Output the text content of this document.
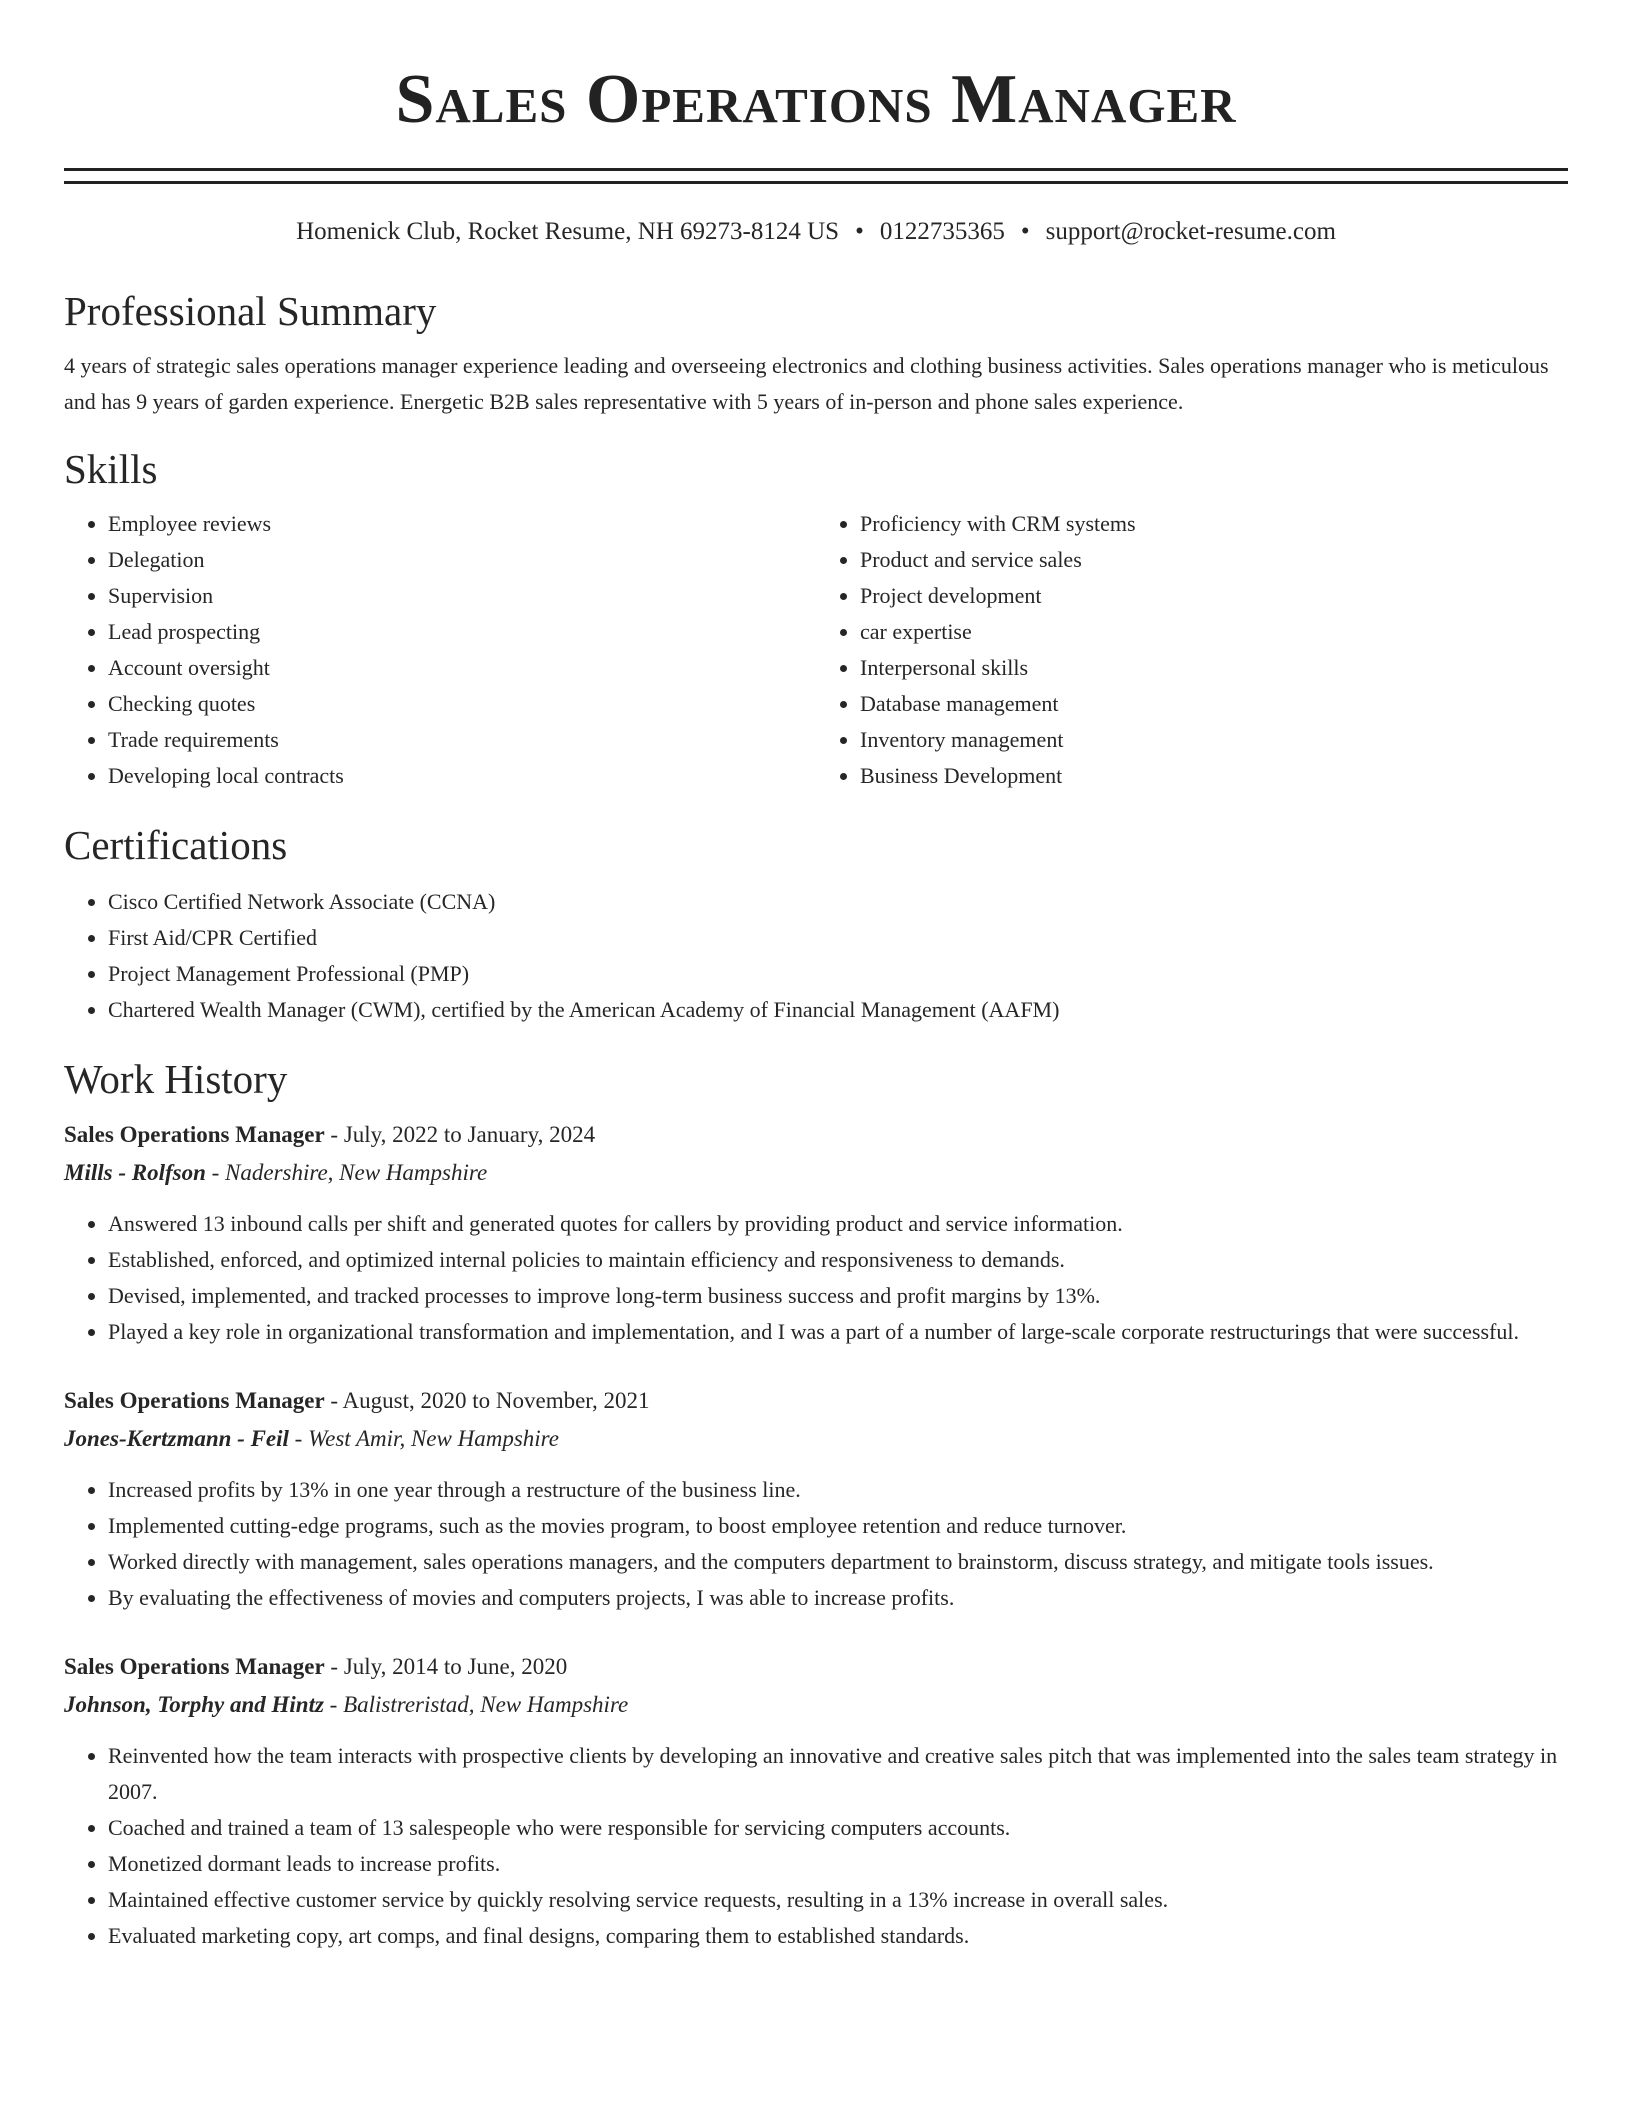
Sales Operations Manager
Homenick Club, Rocket Resume, NH 69273-8124 US • 0122735365 • support@rocket-resume.com
Professional Summary

4 years of strategic sales operations manager experience leading and overseeing electronics and clothing business activities. Sales operations manager who is meticulous and has 9 years of garden experience. Energetic B2B sales representative with 5 years of in-person and phone sales experience.

Skills
• Employee reviews
• Delegation
• Supervision
• Lead prospecting
• Account oversight
• Checking quotes
• Trade requirements
• Developing local contracts
• Proficiency with CRM systems
• Product and service sales
• Project development
• car expertise
• Interpersonal skills
• Database management
• Inventory management
• Business Development
Certifications
• Cisco Certified Network Associate (CCNA)
• First Aid/CPR Certified
• Project Management Professional (PMP)
• Chartered Wealth Manager (CWM), certified by the American Academy of Financial Management (AAFM)
Work History
Sales Operations Manager - July, 2022 to January, 2024
Mills - Rolfson - Nadershire, New Hampshire
• Answered 13 inbound calls per shift and generated quotes for callers by providing product and service information.
• Established, enforced, and optimized internal policies to maintain efficiency and responsiveness to demands.
• Devised, implemented, and tracked processes to improve long-term business success and profit margins by 13%.
• Played a key role in organizational transformation and implementation, and I was a part of a number of large-scale corporate restructurings that were successful.
Sales Operations Manager - August, 2020 to November, 2021
Jones-Kertzmann - Feil - West Amir, New Hampshire
• Increased profits by 13% in one year through a restructure of the business line.
• Implemented cutting-edge programs, such as the movies program, to boost employee retention and reduce turnover.
• Worked directly with management, sales operations managers, and the computers department to brainstorm, discuss strategy, and mitigate tools issues.
• By evaluating the effectiveness of movies and computers projects, I was able to increase profits.
Sales Operations Manager - July, 2014 to June, 2020
Johnson, Torphy and Hintz - Balistreristad, New Hampshire
• Reinvented how the team interacts with prospective clients by developing an innovative and creative sales pitch that was implemented into the sales team strategy in 2007.
• Coached and trained a team of 13 salespeople who were responsible for servicing computers accounts.
• Monetized dormant leads to increase profits.
• Maintained effective customer service by quickly resolving service requests, resulting in a 13% increase in overall sales.
• Evaluated marketing copy, art comps, and final designs, comparing them to established standards.
